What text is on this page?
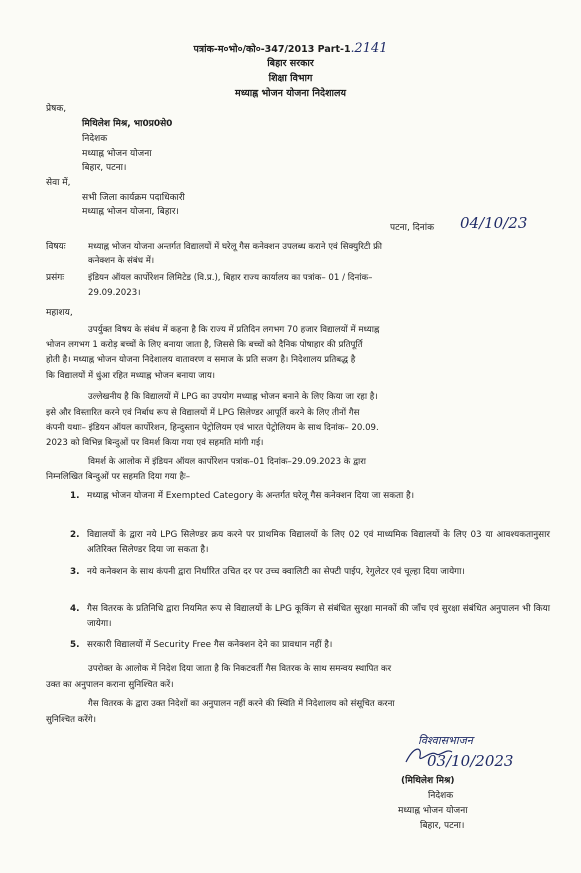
पत्रांक-म०भो०/को०-347/2013 Part-1.2141
बिहार सरकार
शिक्षा विभाग
मध्याह्न भोजन योजना निदेशालय
प्रेषक,
मिथिलेश मिश्र, भा0प्र0से0
निदेशक
मध्याह्न भोजन योजना
बिहार, पटना।
सेवा में,
सभी जिला कार्यक्रम पदाधिकारी
मध्याह्न भोजन योजना, बिहार।
पटना, दिनांक 04/10/23
विषयः	मध्याह्न भोजन योजना अन्तर्गत विद्यालयों में घरेलू गैस कनेक्शन उपलब्ध कराने एवं सिक्युरिटी फ्री
कनेक्शन के संबंध में।
प्रसंगः	इंडियन ऑयल कार्पोरेशन लिमिटेड (वि.प्र.), बिहार राज्य कार्यालय का पत्रांक– 01 / दिनांक–
29.09.2023।
महाशय,
उपर्युक्त विषय के संबंध में कहना है कि राज्य में प्रतिदिन लगभग 70 हजार विद्यालयों में मध्याह्न
भोजन लगभग 1 करोड़ बच्चों के लिए बनाया जाता है, जिससे कि बच्चों को दैनिक पोषाहार की प्रतिपूर्ति
होती है। मध्याह्न भोजन योजना निदेशालय वातावरण व समाज के प्रति सजग है। निदेशालय प्रतिबद्ध है
कि विद्यालयों में धुंआ रहित मध्याह्न भोजन बनाया जाय।
उल्लेखनीय है कि विद्यालयों में LPG का उपयोग मध्याह्न भोजन बनाने के लिए किया जा रहा है।
इसे और विस्तारित करने एवं निर्बाध रूप से विद्यालयों में LPG सिलेण्डर आपूर्ति करने के लिए तीनों गैस
कंपनी यथाः– इंडियन ऑयल कार्पोरेशन, हिन्दुस्तान पेट्रोलियम एवं भारत पेट्रोलियम के साथ दिनांक– 20.09.
2023 को विभिन्न बिन्दुओं पर विमर्श किया गया एवं सहमति मांगी गई।
विमर्श के आलोक में इंडियन ऑयल कार्पोरेशन पत्रांक–01 दिनांक–29.09.2023 के द्वारा
निम्नलिखित बिन्दुओं पर सहमति दिया गया हैः–
1. मध्याह्न भोजन योजना में Exempted Category के अन्तर्गत घरेलू गैस कनेक्शन दिया जा सकता है।
2. विद्यालयों के द्वारा नये LPG सिलेण्डर क्रय करने पर प्राथमिक विद्यालयों के लिए 02 एवं माध्यमिक विद्यालयों के लिए 03 या आवश्यकतानुसार अतिरिक्त सिलेण्डर दिया जा सकता है।
3. नये कनेक्शन के साथ कंपनी द्वारा निर्धारित उचित दर पर उच्च क्वालिटी का सेफ्टी पाईप, रेगुलेटर एवं चूल्हा दिया जायेगा।
4. गैस वितरक के प्रतिनिधि द्वारा नियमित रूप से विद्यालयों के LPG कूकिंग से संबंधित सुरक्षा मानकों की जाँच एवं सुरक्षा संबंधित अनुपालन भी किया जायेगा।
5. सरकारी विद्यालयों में Security Free गैस कनेक्शन देने का प्रावधान नहीं है।
उपरोक्त के आलोक में निदेश दिया जाता है कि निकटवर्ती गैस वितरक के साथ समन्वय स्थापित कर
उक्त का अनुपालन कराना सुनिश्चित करें।
गैस वितरक के द्वारा उक्त निदेशों का अनुपालन नहीं करने की स्थिति में निदेशालय को संसूचित करना
सुनिश्चित करेंगे।
विश्वासभाजन
03/10/2023
(मिथिलेश मिश्र)
निदेशक
मध्याह्न भोजन योजना
बिहार, पटना।
